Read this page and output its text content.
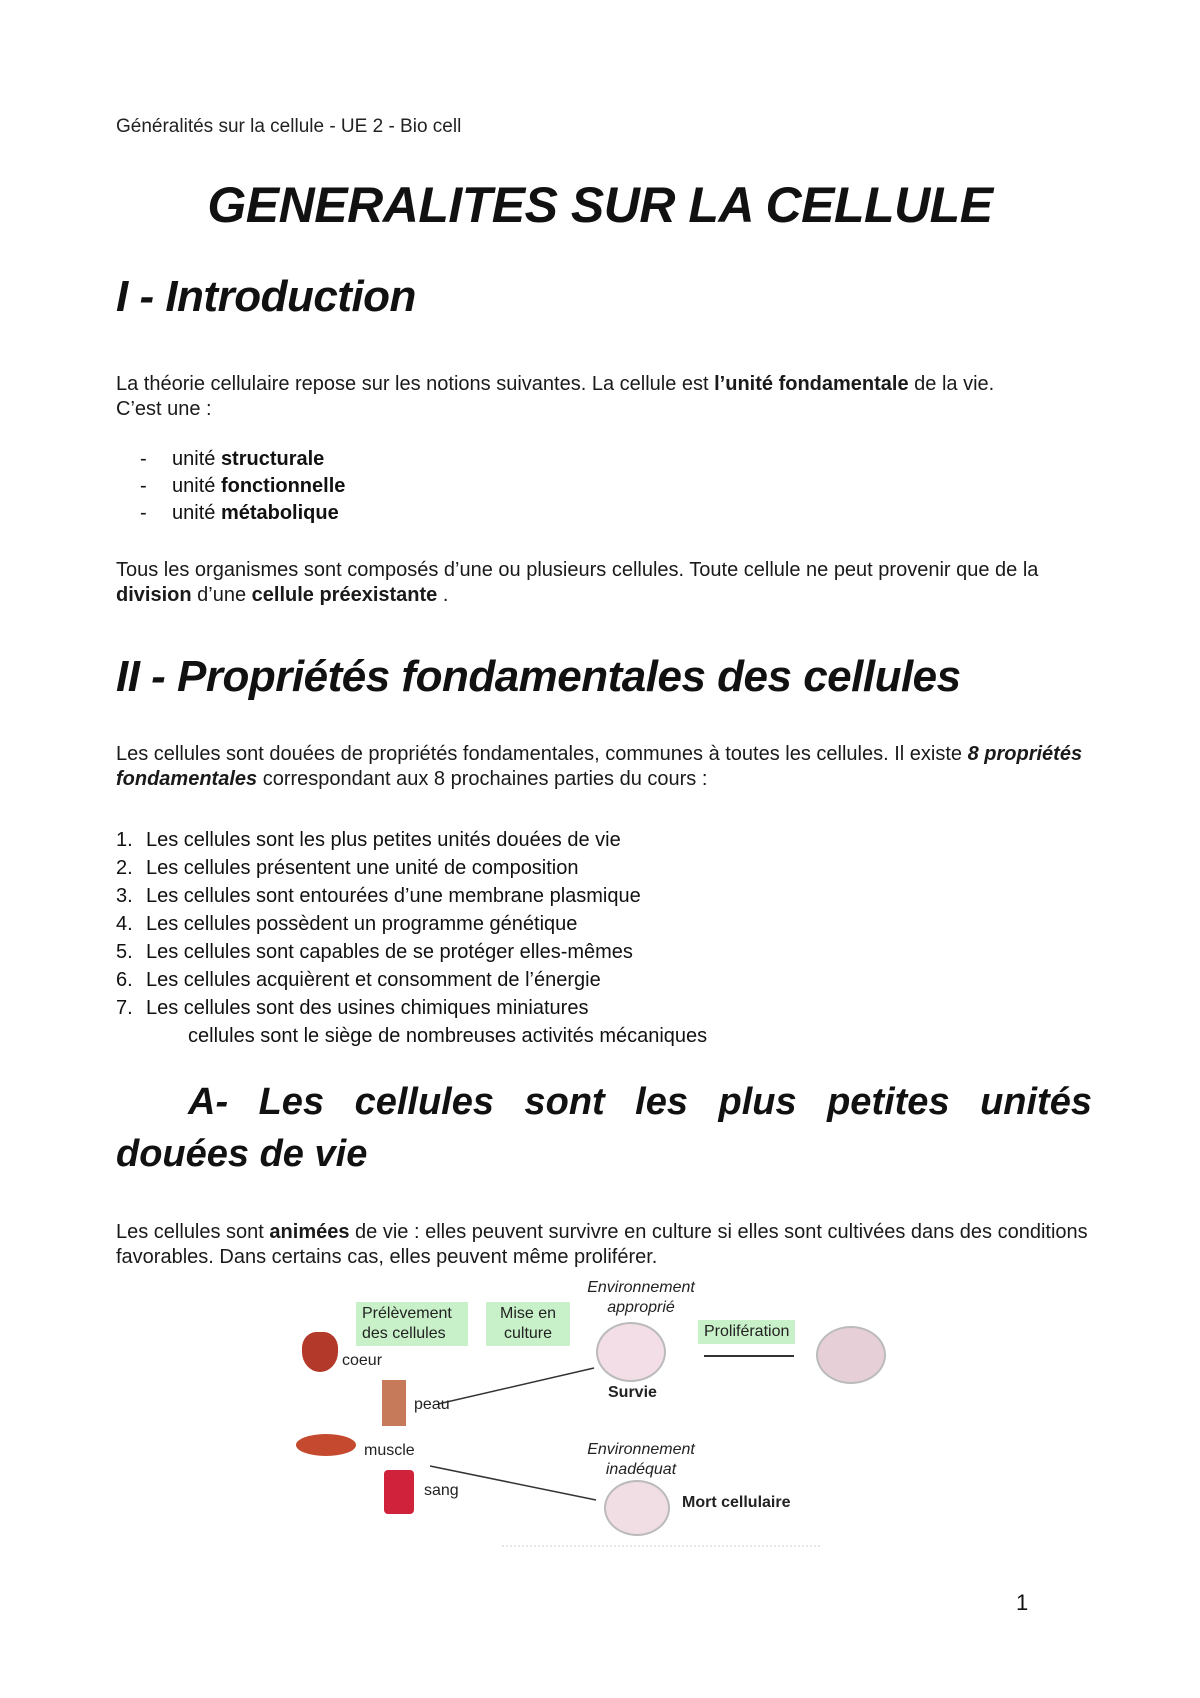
Généralités sur la cellule - UE 2 - Bio cell
GENERALITES SUR LA CELLULE
I - Introduction
La théorie cellulaire repose sur les notions suivantes. La cellule est l’unité fondamentale de la vie.
C’est une :
-	unité
structurale
-	unité
fonctionnelle
-	unité
métabolique
Tous les organismes sont composés d’une ou plusieurs cellules. Toute cellule ne peut provenir que de la division d’une cellule préexistante .
II - Propriétés fondamentales des cellules
Les cellules sont douées de propriétés fondamentales, communes à toutes les cellules. Il existe 8 propriétés fondamentales correspondant aux 8 prochaines parties du cours :
1. Les cellules sont les plus petites unités douées de vie
2. Les cellules présentent une unité de composition
3. Les cellules sont entourées d’une membrane plasmique
4. Les cellules possèdent un programme génétique
5. Les cellules sont capables de se protéger elles-mêmes
6. Les cellules acquièrent et consomment de l’énergie
7. Les cellules sont des usines chimiques miniatures
cellules sont le siège de nombreuses activités mécaniques
A- Les cellules sont les plus petites unités
douées de vie
Les cellules sont animées de vie : elles peuvent survivre en culture si elles sont cultivées dans des conditions favorables. Dans certains cas, elles peuvent même proliférer.
Prélèvement des cellules
Mise en culture	Prolifération
Environnement approprié
Environnement inadéquat
Survie
Mort cellulaire
coeur
peau
muscle
sang
1
